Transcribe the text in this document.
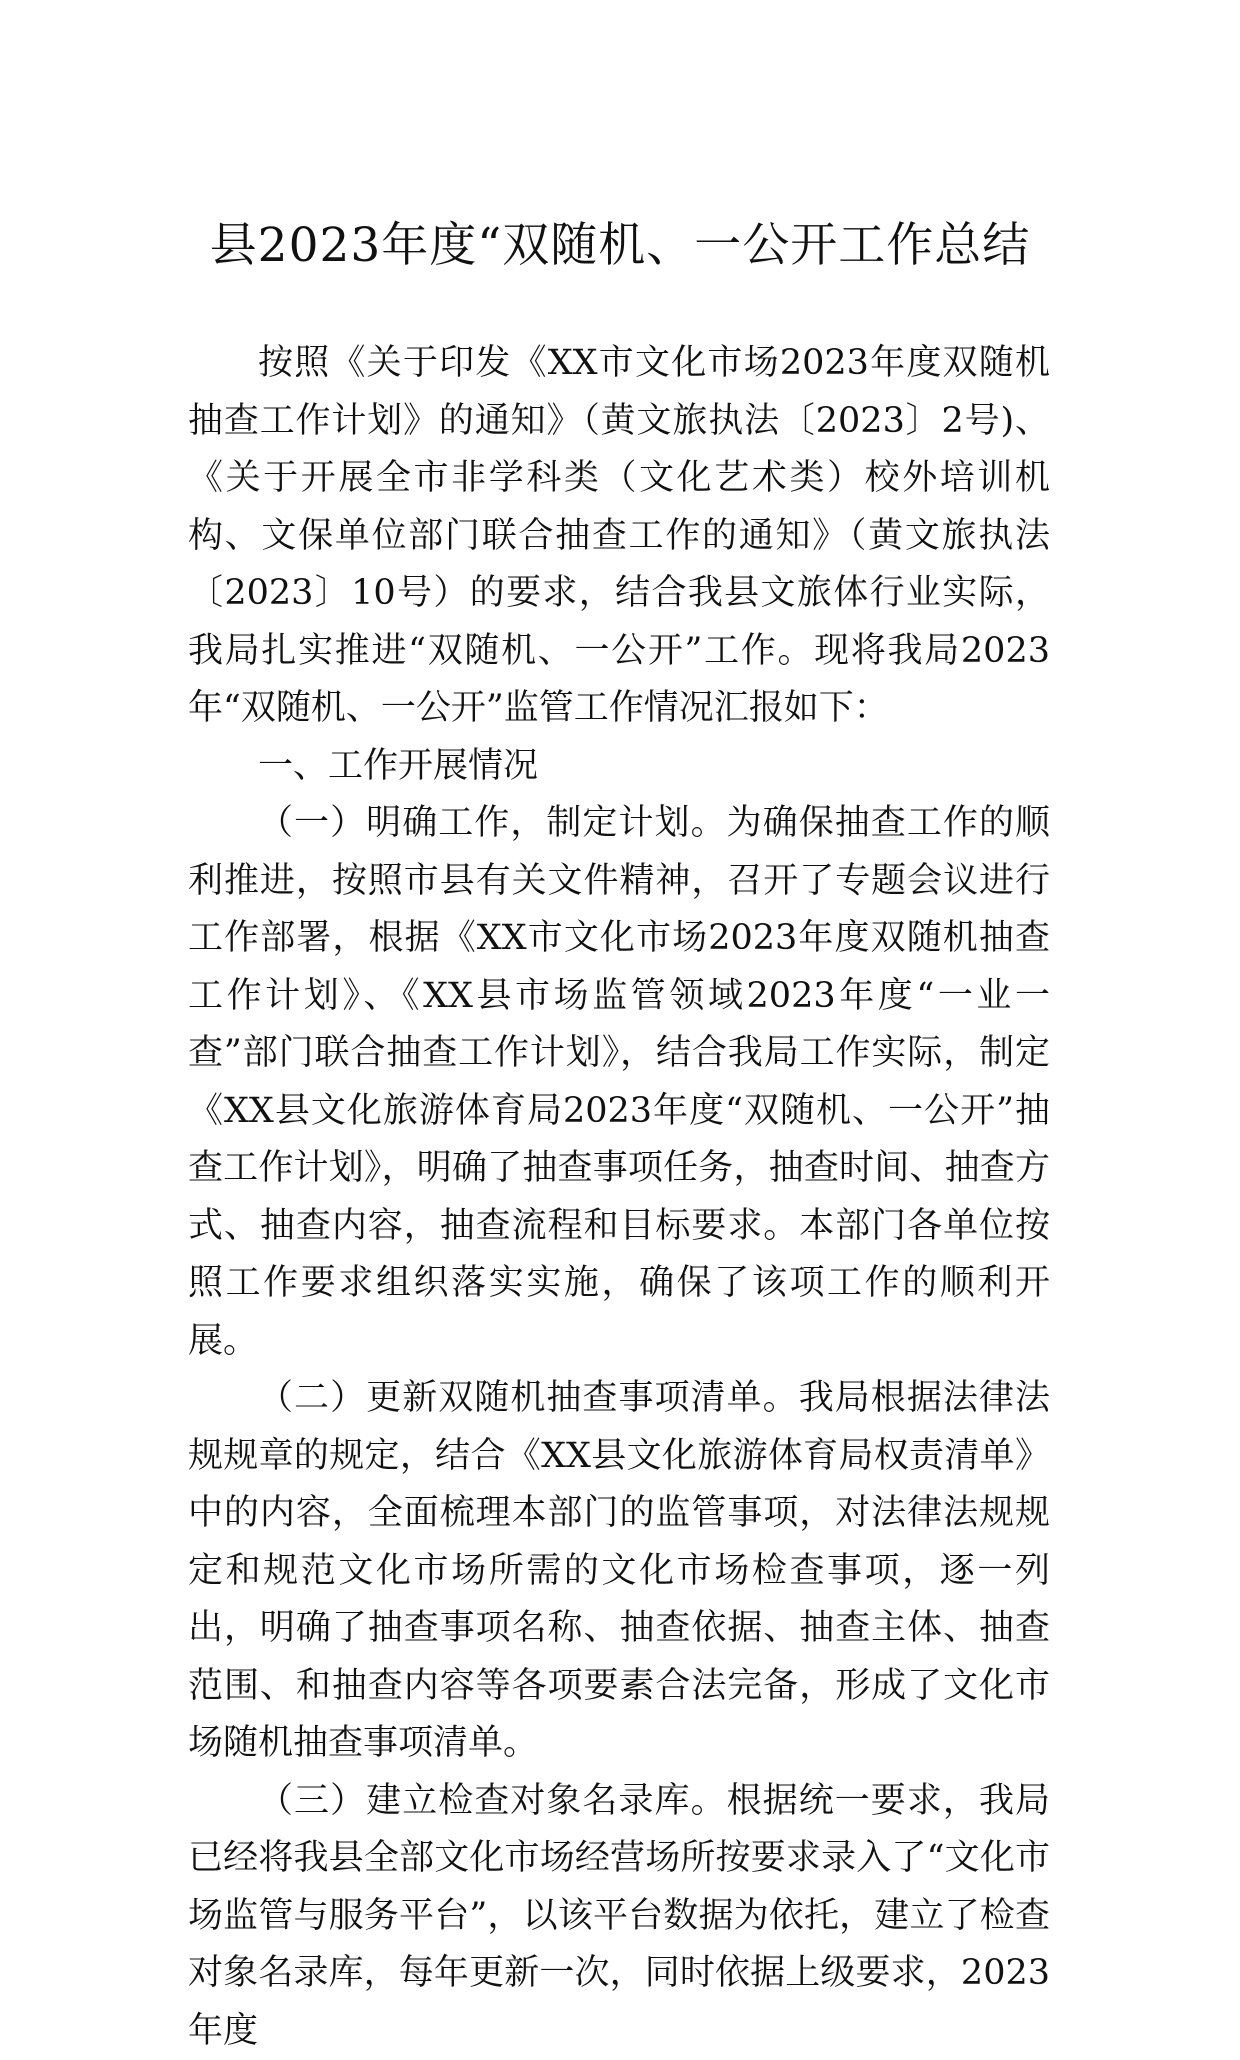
县2023年度“双随机、一公开工作总结

按照《关于印发《XX市文化市场2023年度双随机抽查工作计划》的通知》（黄文旅执法〔2023〕2号)、《关于开展全市非学科类（文化艺术类）校外培训机构、文保单位部门联合抽查工作的通知》（黄文旅执法〔2023〕10号）的要求，结合我县文旅体行业实际，我局扎实推进“双随机、一公开”工作。现将我局2023年“双随机、一公开”监管工作情况汇报如下：

一、工作开展情况

（一）明确工作，制定计划。为确保抽查工作的顺利推进，按照市县有关文件精神，召开了专题会议进行工作部署，根据《XX市文化市场2023年度双随机抽查工作计划》、《XX县市场监管领域2023年度“一业一查”部门联合抽查工作计划》，结合我局工作实际，制定《XX县文化旅游体育局2023年度“双随机、一公开”抽查工作计划》，明确了抽查事项任务，抽查时间、抽查方式、抽查内容，抽查流程和目标要求。本部门各单位按照工作要求组织落实实施，确保了该项工作的顺利开展。

（二）更新双随机抽查事项清单。我局根据法律法规规章的规定，结合《XX县文化旅游体育局权责清单》中的内容，全面梳理本部门的监管事项，对法律法规规定和规范文化市场所需的文化市场检查事项，逐一列出，明确了抽查事项名称、抽查依据、抽查主体、抽查范围、和抽查内容等各项要素合法完备，形成了文化市场随机抽查事项清单。

（三）建立检查对象名录库。根据统一要求，我局已经将我县全部文化市场经营场所按要求录入了“文化市场监管与服务平台”，以该平台数据为依托，建立了检查对象名录库，每年更新一次，同时依据上级要求，2023年度
